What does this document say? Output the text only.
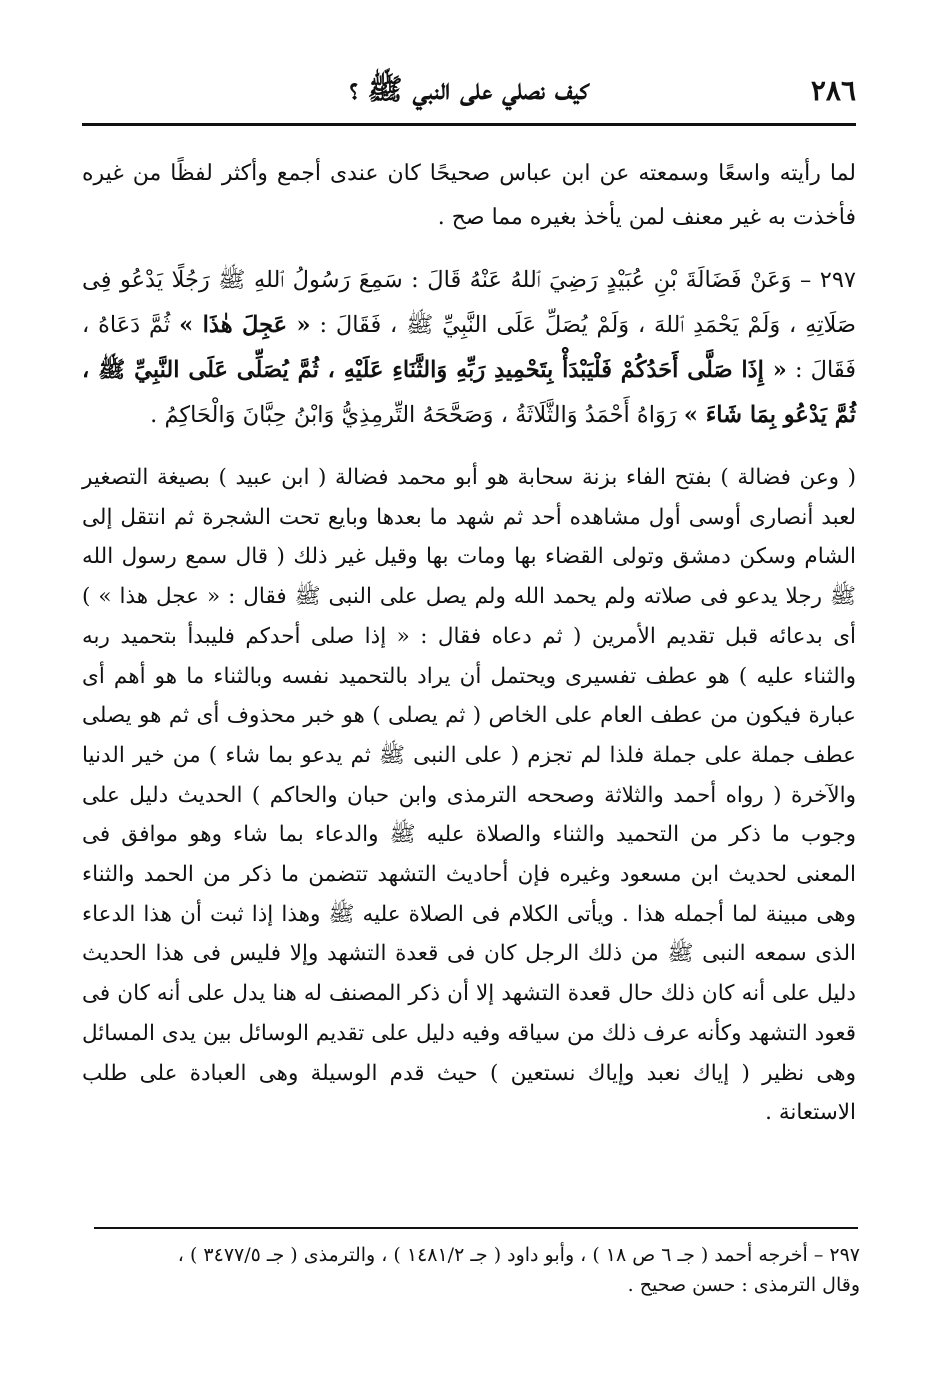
٢٨٦
كيف نصلي على النبي ﷺ ؟

لما رأيته واسعًا وسمعته عن ابن عباس صحيحًا كان عندى أجمع وأكثر لفظًا من غيره فأخذت به غير معنف لمن يأخذ بغيره مما صح .

٢٩٧ – وَعَنْ فَضَالَةَ بْنِ عُبَيْدٍ رَضِيَ ٱللهُ عَنْهُ قَالَ : سَمِعَ رَسُولُ ٱللهِ ﷺ رَجُلًا يَدْعُو فِى صَلَاتِهِ ، وَلَمْ يَحْمَدِ ٱللهَ ، وَلَمْ يُصَلِّ عَلَى النَّبِيِّ ﷺ ، فَقَالَ : « عَجِلَ هٰذَا » ثُمَّ دَعَاهُ ، فَقَالَ : « إِذَا صَلَّى أَحَدُكُمْ فَلْيَبْدَأْ بِتَحْمِيدِ رَبِّهِ وَالثَّنَاءِ عَلَيْهِ ، ثُمَّ يُصَلِّى عَلَى النَّبِيِّ ﷺ ، ثُمَّ يَدْعُو بِمَا شَاءَ » رَوَاهُ أَحْمَدُ وَالثَّلَاثَةُ ، وَصَحَّحَهُ التِّرمِذِيُّ وَابْنُ حِبَّانَ وَالْحَاكِمُ .

( وعن فضالة ) بفتح الفاء بزنة سحابة هو أبو محمد فضالة ( ابن عبيد ) بصيغة التصغير لعبد أنصارى أوسى أول مشاهده أحد ثم شهد ما بعدها وبايع تحت الشجرة ثم انتقل إلى الشام وسكن دمشق وتولى القضاء بها ومات بها وقيل غير ذلك ( قال سمع رسول الله ﷺ رجلا يدعو فى صلاته ولم يحمد الله ولم يصل على النبى ﷺ فقال : « عجل هذا » ) أى بدعائه قبل تقديم الأمرين ( ثم دعاه فقال : « إذا صلى أحدكم فليبدأ بتحميد ربه والثناء عليه ) هو عطف تفسيرى ويحتمل أن يراد بالتحميد نفسه وبالثناء ما هو أهم أى عبارة فيكون من عطف العام على الخاص ( ثم يصلى ) هو خبر محذوف أى ثم هو يصلى عطف جملة على جملة فلذا لم تجزم ( على النبى ﷺ ثم يدعو بما شاء ) من خير الدنيا والآخرة ( رواه أحمد والثلاثة وصححه الترمذى وابن حبان والحاكم ) الحديث دليل على وجوب ما ذكر من التحميد والثناء والصلاة عليه ﷺ والدعاء بما شاء وهو موافق فى المعنى لحديث ابن مسعود وغيره فإن أحاديث التشهد تتضمن ما ذكر من الحمد والثناء وهى مبينة لما أجمله هذا . ويأتى الكلام فى الصلاة عليه ﷺ وهذا إذا ثبت أن هذا الدعاء الذى سمعه النبى ﷺ من ذلك الرجل كان فى قعدة التشهد وإلا فليس فى هذا الحديث دليل على أنه كان ذلك حال قعدة التشهد إلا أن ذكر المصنف له هنا يدل على أنه كان فى قعود التشهد وكأنه عرف ذلك من سياقه وفيه دليل على تقديم الوسائل بين يدى المسائل وهى نظير ( إياك نعبد وإياك نستعين ) حيث قدم الوسيلة وهى العبادة على طلب الاستعانة .

٢٩٧ – أخرجه أحمد ( جـ ٦ ص ١٨ ) ، وأبو داود ( جـ ١٤٨١/٢ ) ، والترمذى ( جـ ٣٤٧٧/٥ ) ،

وقال الترمذى : حسن صحيح .
